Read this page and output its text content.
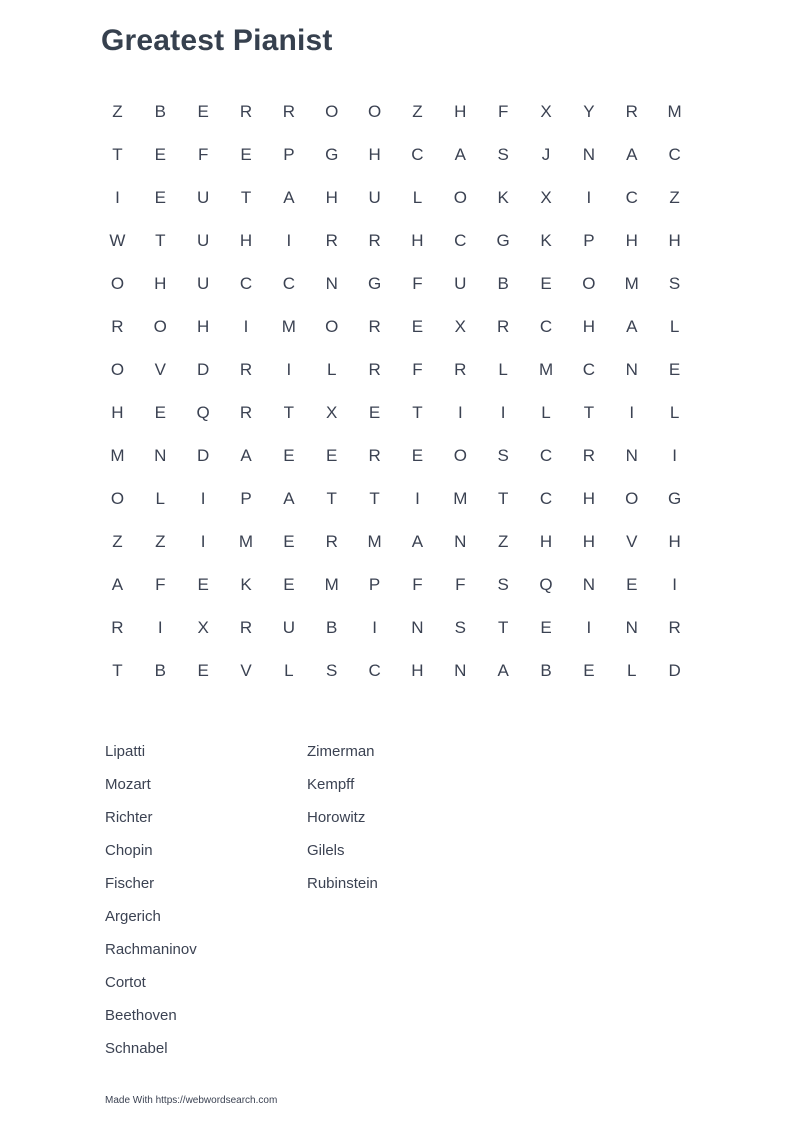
Greatest Pianist
Z	B	E	R	R	O	O	Z	H	F	X	Y	R	M
T	E	F	E	P	G	H	C	A	S	J	N	A	C
I	E	U	T	A	H	U	L	O	K	X	I	C	Z
W	T	U	H	I	R	R	H	C	G	K	P	H	H
O	H	U	C	C	N	G	F	U	B	E	O	M	S
R	O	H	I	M	O	R	E	X	R	C	H	A	L
O	V	D	R	I	L	R	F	R	L	M	C	N	E
H	E	Q	R	T	X	E	T	I	I	L	T	I	L
M	N	D	A	E	E	R	E	O	S	C	R	N	I
O	L	I	P	A	T	T	I	M	T	C	H	O	G
Z	Z	I	M	E	R	M	A	N	Z	H	H	V	H
A	F	E	K	E	M	P	F	F	S	Q	N	E	I
R	I	X	R	U	B	I	N	S	T	E	I	N	R
T	B	E	V	L	S	C	H	N	A	B	E	L	D
Lipatti
Mozart
Richter
Chopin
Fischer
Argerich
Rachmaninov
Cortot
Beethoven
Schnabel
Zimerman
Kempff
Horowitz
Gilels
Rubinstein
Made With https://webwordsearch.com
